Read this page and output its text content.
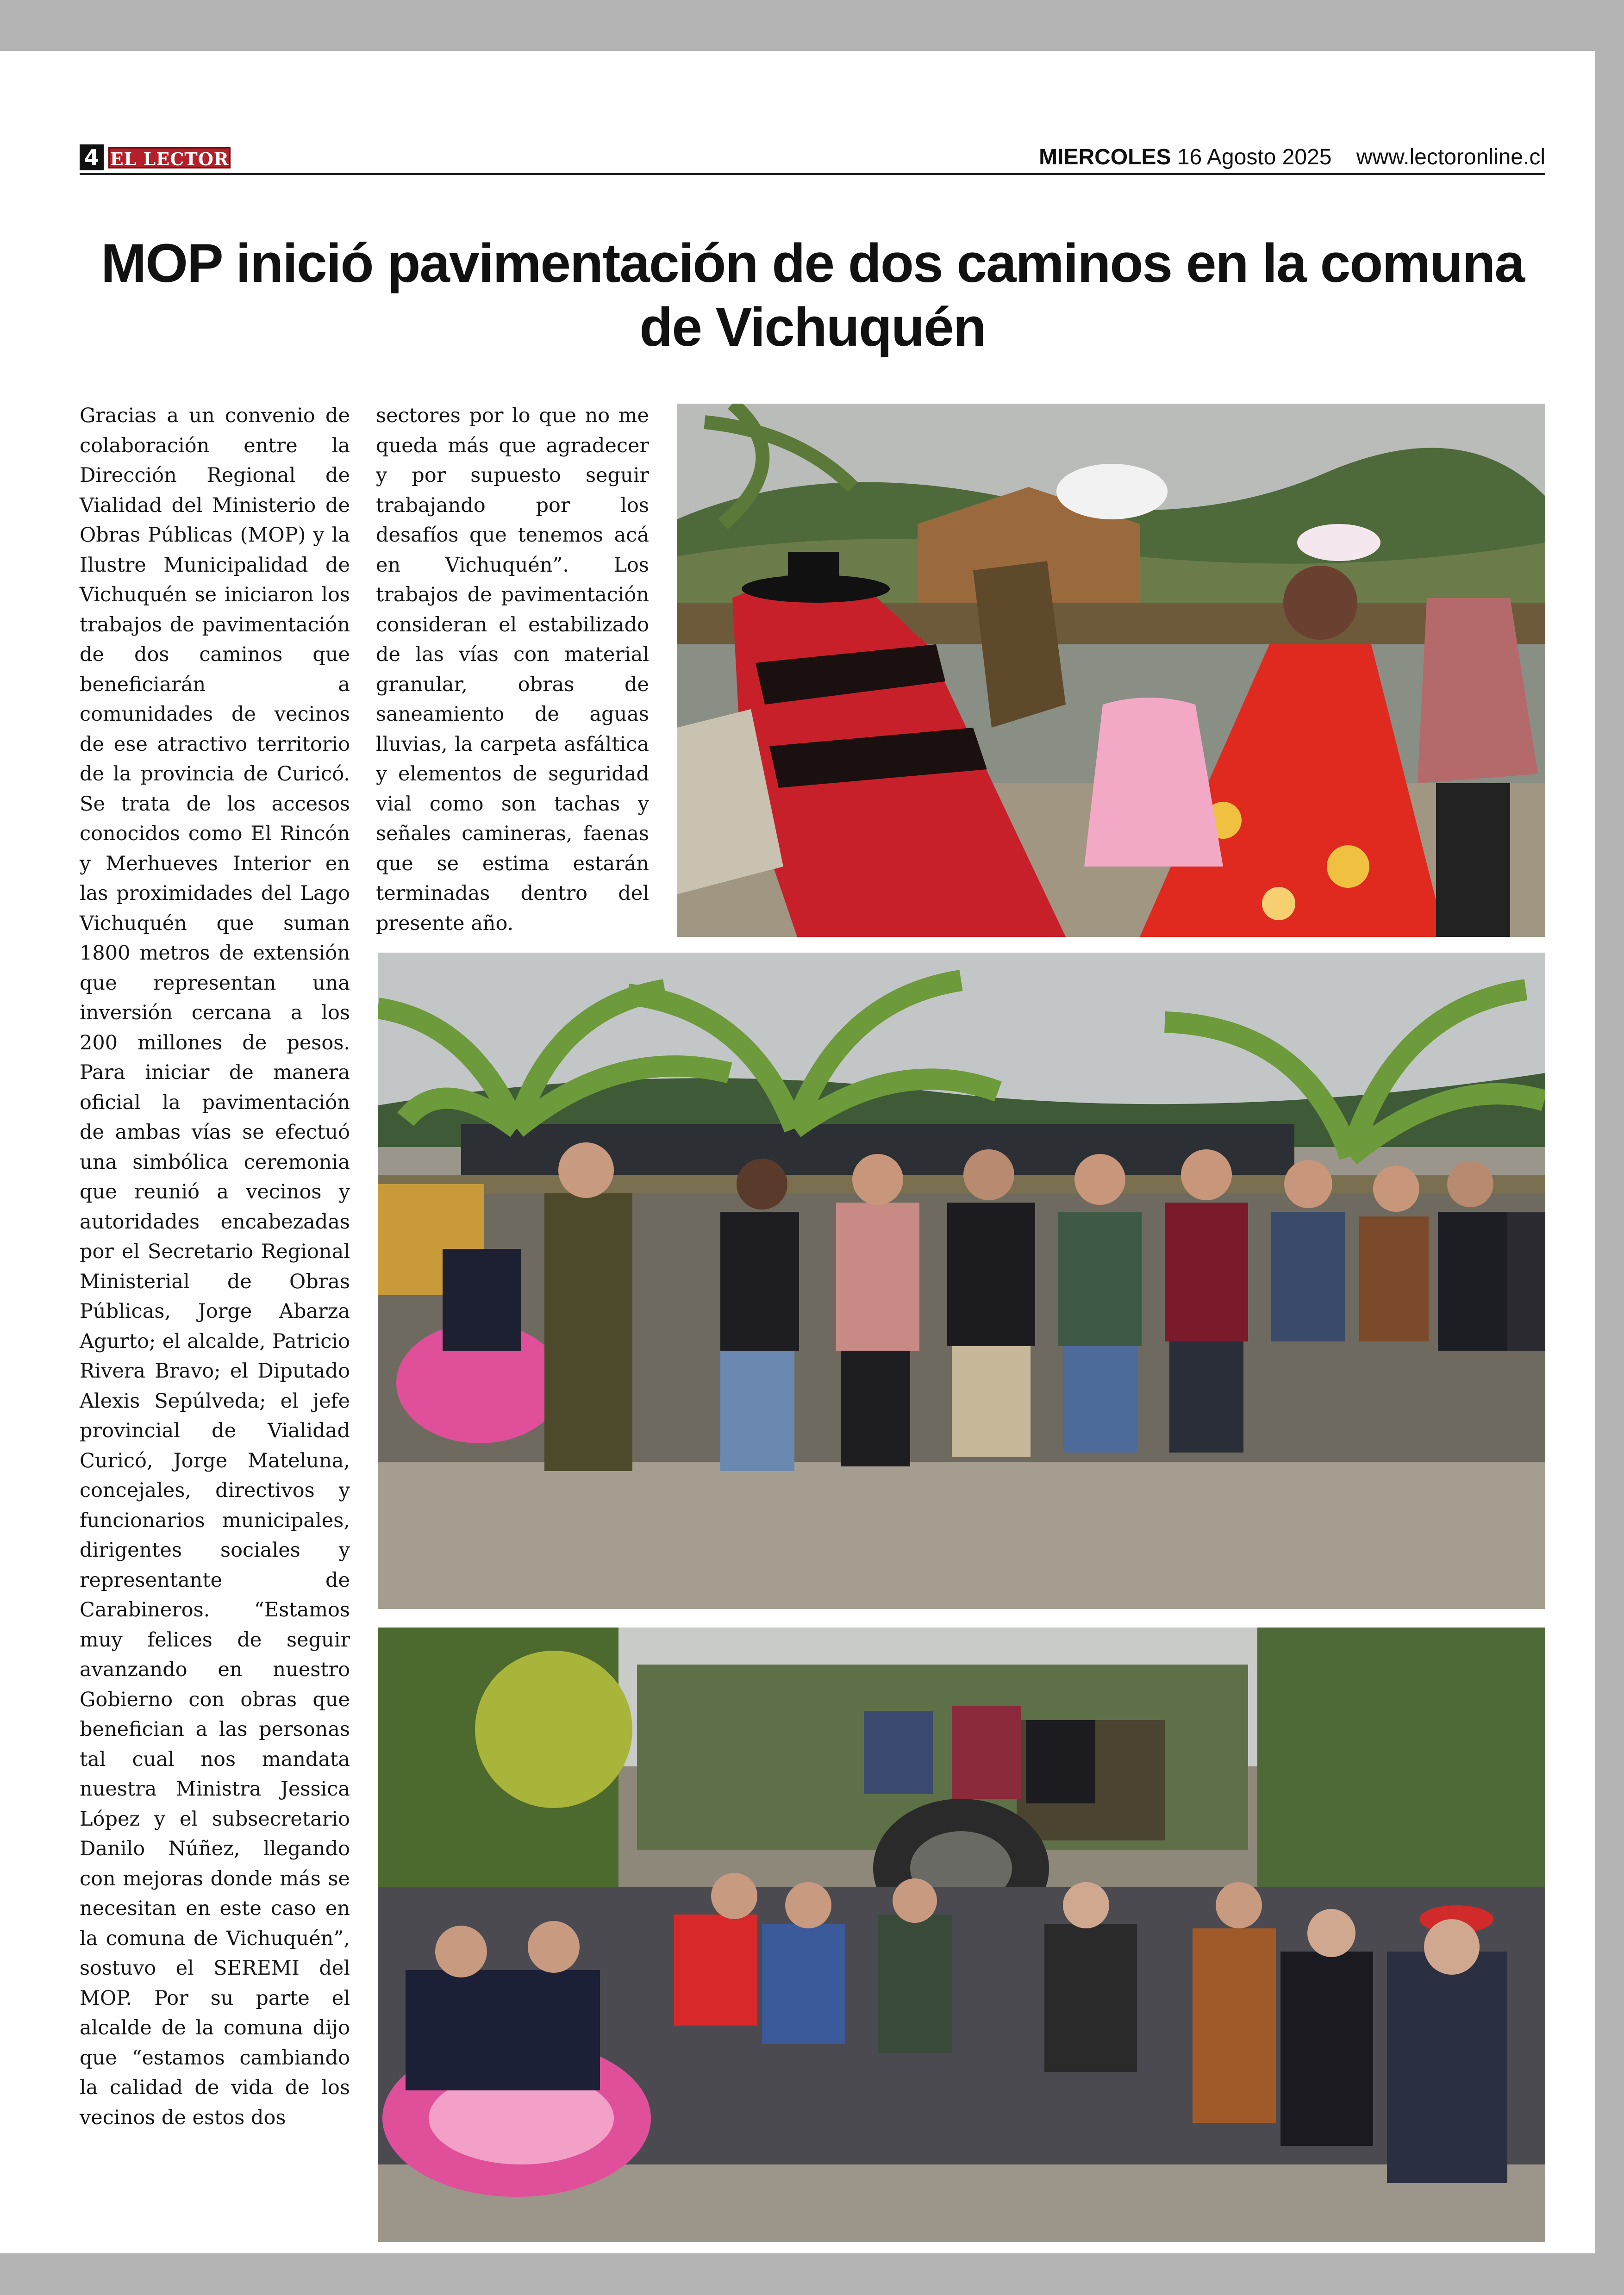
4 EL LECTOR	MIERCOLES 16 Agosto 2025 www.lectoronline.cl
MOP inició pavimentación de dos caminos en la comuna
de Vichuquén
Gracias a un convenio de colaboración entre la Dirección Regional de Vialidad del Ministerio de Obras Públicas (MOP) y la Ilustre Municipalidad de Vichuquén se iniciaron los trabajos de pavimentación de dos caminos que beneficiarán a comunidades de vecinos de ese atractivo territorio de la provincia de Curicó. Se trata de los accesos conocidos como El Rincón y Merhueves Interior en las proximidades del Lago Vichuquén que suman 1800 metros de extensión que representan una inversión cercana a los 200 millones de pesos. Para iniciar de manera oficial la pavimentación de ambas vías se efectuó una simbólica ceremonia que reunió a vecinos y autoridades encabezadas por el Secretario Regional Ministerial de Obras Públicas, Jorge Abarza Agurto; el alcalde, Patricio Rivera Bravo; el Diputado Alexis Sepúlveda; el jefe provincial de Vialidad Curicó, Jorge Mateluna, concejales, directivos y funcionarios municipales, dirigentes sociales y representante de Carabineros. “Estamos muy felices de seguir avanzando en nuestro Gobierno con obras que benefician a las personas tal cual nos mandata nuestra Ministra Jessica López y el subsecretario Danilo Núñez, llegando con mejoras donde más se necesitan en este caso en la comuna de Vichuquén”, sostuvo el SEREMI del MOP. Por su parte el alcalde de la comuna dijo que “estamos cambiando la calidad de vida de los vecinos de estos dos
sectores por lo que no me queda más que agradecer y por supuesto seguir trabajando por los desafíos que tenemos acá en Vichuquén”. Los trabajos de pavimentación consideran el estabilizado de las vías con material granular, obras de saneamiento de aguas lluvias, la carpeta asfáltica y elementos de seguridad vial como son tachas y señales camineras, faenas que se estima estarán terminadas dentro del presente año.
